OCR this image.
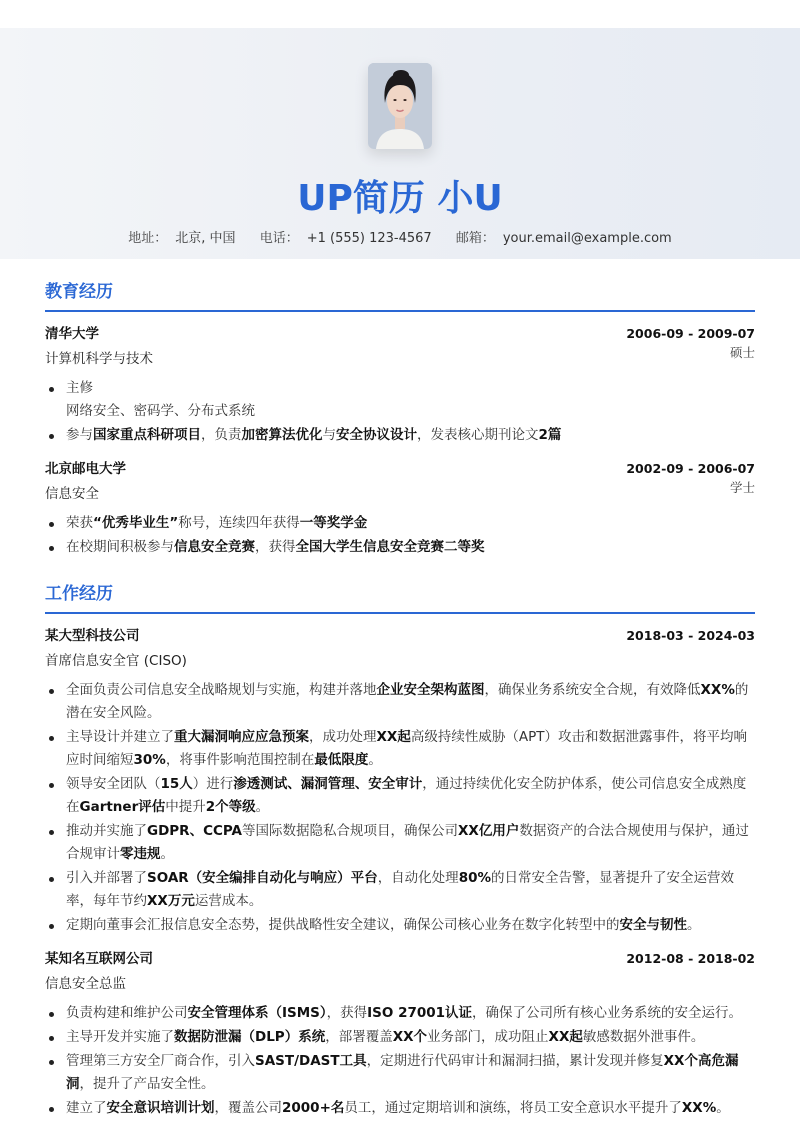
UP简历 小U
地址： 北京, 中国 电话： +1 (555) 123-4567 邮箱： your.email@example.com
教育经历
清华大学	2006-09 - 2009-07
计算机科学与技术	硕士
主修
网络安全、密码学、分布式系统
参与国家重点科研项目，负责加密算法优化与安全协议设计，发表核心期刊论文2篇
北京邮电大学	2002-09 - 2006-07
信息安全	学士
荣获“优秀毕业生”称号，连续四年获得一等奖学金
在校期间积极参与信息安全竞赛，获得全国大学生信息安全竞赛二等奖
工作经历
某大型科技公司	2018-03 - 2024-03
首席信息安全官 (CISO)
全面负责公司信息安全战略规划与实施，构建并落地企业安全架构蓝图，确保业务系统安全合规，有效降低XX%的潜在安全风险。
主导设计并建立了重大漏洞响应应急预案，成功处理XX起高级持续性威胁（APT）攻击和数据泄露事件，将平均响应时间缩短30%，将事件影响范围控制在最低限度。
领导安全团队（15人）进行渗透测试、漏洞管理、安全审计，通过持续优化安全防护体系，使公司信息安全成熟度在Gartner评估中提升2个等级。
推动并实施了GDPR、CCPA等国际数据隐私合规项目，确保公司XX亿用户数据资产的合法合规使用与保护，通过合规审计零违规。
引入并部署了SOAR（安全编排自动化与响应）平台，自动化处理80%的日常安全告警，显著提升了安全运营效率，每年节约XX万元运营成本。
定期向董事会汇报信息安全态势，提供战略性安全建议，确保公司核心业务在数字化转型中的安全与韧性。
某知名互联网公司	2012-08 - 2018-02
信息安全总监
负责构建和维护公司安全管理体系（ISMS），获得ISO 27001认证，确保了公司所有核心业务系统的安全运行。
主导开发并实施了数据防泄漏（DLP）系统，部署覆盖XX个业务部门，成功阻止XX起敏感数据外泄事件。
管理第三方安全厂商合作，引入SAST/DAST工具，定期进行代码审计和漏洞扫描，累计发现并修复XX个高危漏洞，提升了产品安全性。
建立了安全意识培训计划，覆盖公司2000+名员工，通过定期培训和演练，将员工安全意识水平提升了XX%。
